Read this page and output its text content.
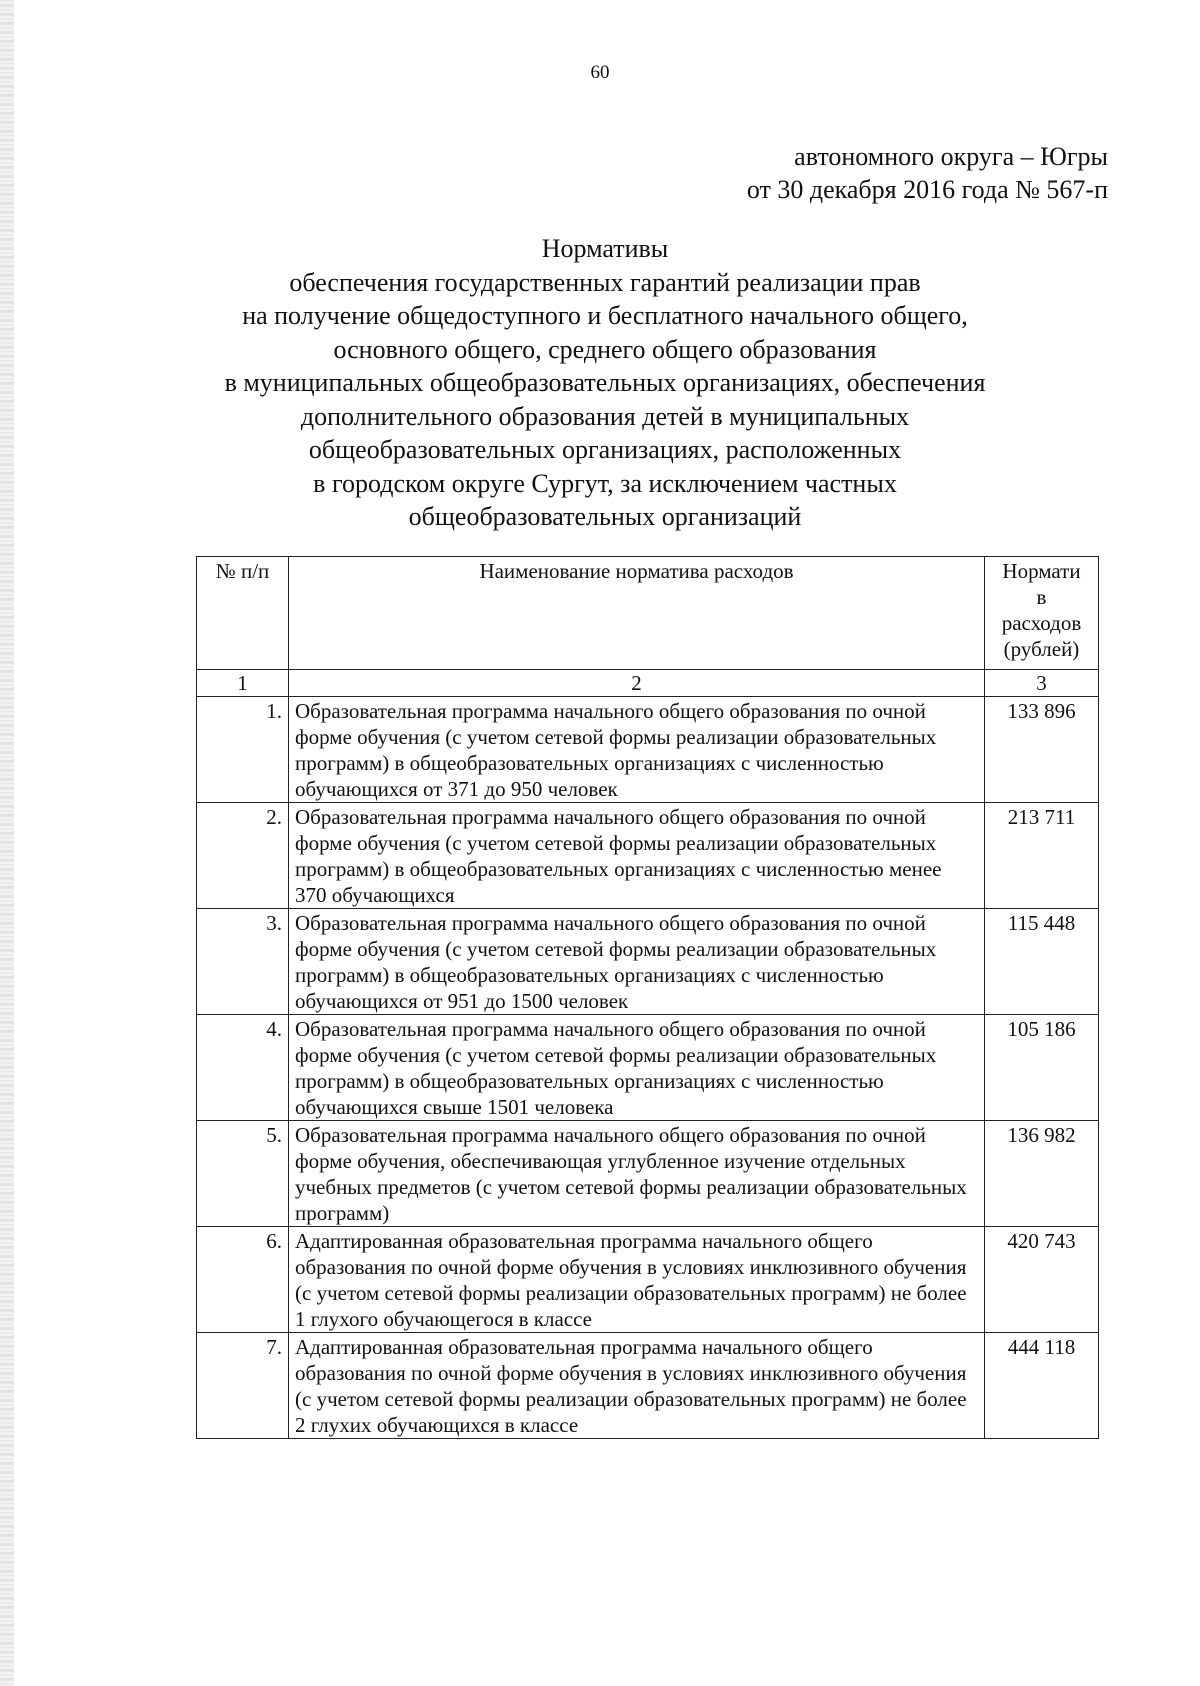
60
автономного округа – Югры
от 30 декабря 2016 года № 567-п
Нормативы
обеспечения государственных гарантий реализации прав
на получение общедоступного и бесплатного начального общего,
основного общего, среднего общего образования
в муниципальных общеобразовательных организациях, обеспечения
дополнительного образования детей в муниципальных
общеобразовательных организациях, расположенных
в городском округе Сургут, за исключением частных
общеобразовательных организаций
№ п/п	Наименование норматива расходов	Нормати
в
расходов
(рублей)
1	2	3
1.	Образовательная программа начального общего образования по очной форме обучения (с учетом сетевой формы реализации образовательных программ) в общеобразовательных организациях с численностью обучающихся от 371 до 950 человек	133 896
2.	Образовательная программа начального общего образования по очной форме обучения (с учетом сетевой формы реализации образовательных программ) в общеобразовательных организациях с численностью менее 370 обучающихся	213 711
3.	Образовательная программа начального общего образования по очной форме обучения (с учетом сетевой формы реализации образовательных программ) в общеобразовательных организациях с численностью обучающихся от 951 до 1500 человек	115 448
4.	Образовательная программа начального общего образования по очной форме обучения (с учетом сетевой формы реализации образовательных программ) в общеобразовательных организациях с численностью обучающихся свыше 1501 человека	105 186
5.	Образовательная программа начального общего образования по очной форме обучения, обеспечивающая углубленное изучение отдельных учебных предметов (с учетом сетевой формы реализации образовательных программ)	136 982
6.	Адаптированная образовательная программа начального общего образования по очной форме обучения в условиях инклюзивного обучения (с учетом сетевой формы реализации образовательных программ) не более 1 глухого обучающегося в классе	420 743
7.	Адаптированная образовательная программа начального общего образования по очной форме обучения в условиях инклюзивного обучения (с учетом сетевой формы реализации образовательных программ) не более 2 глухих обучающихся в классе	444 118
